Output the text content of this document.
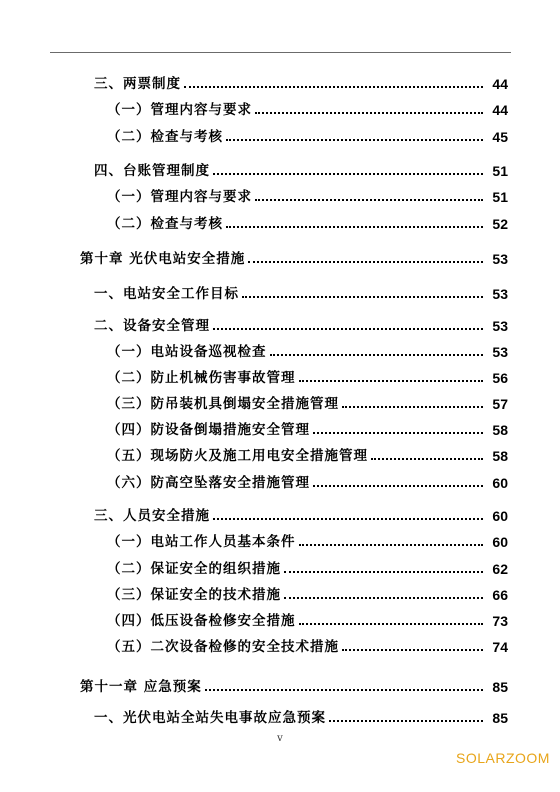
三、两票制度	44
（一）管理内容与要求	44
（二）检查与考核	45
四、台账管理制度	51
（一）管理内容与要求	51
（二）检查与考核	52
第十章 光伏电站安全措施	53
一、电站安全工作目标	53
二、设备安全管理	53
（一）电站设备巡视检查	53
（二）防止机械伤害事故管理	56
（三）防吊装机具倒塌安全措施管理	57
（四）防设备倒塌措施安全管理	58
（五）现场防火及施工用电安全措施管理	58
（六）防高空坠落安全措施管理	60
三、人员安全措施	60
（一）电站工作人员基本条件	60
（二）保证安全的组织措施	62
（三）保证安全的技术措施	66
（四）低压设备检修安全措施	73
（五）二次设备检修的安全技术措施	74
第十一章 应急预案	85
一、光伏电站全站失电事故应急预案	85
v
SOLARZOOM
